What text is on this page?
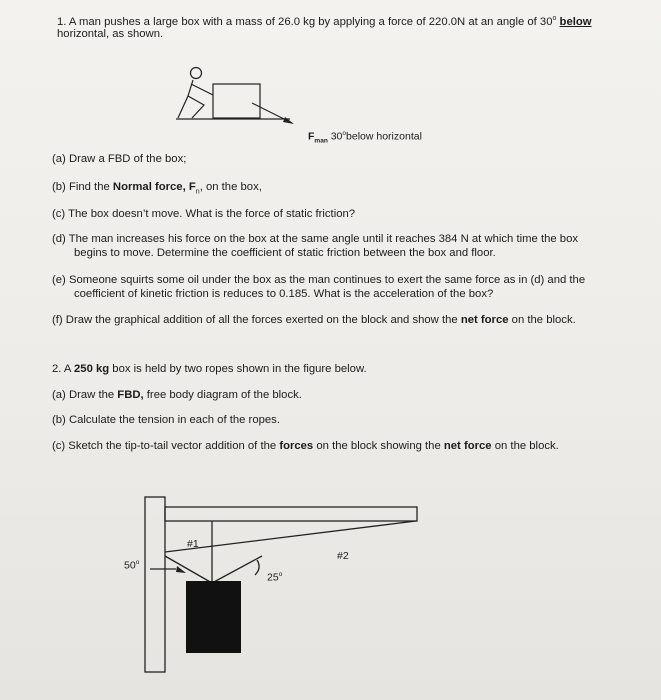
1. A man pushes a large box with a mass of 26.0 kg by applying a force of 220.0N at an angle of 30$^o$ below
horizontal, as shown.
$F_{man}$ 30$^o$below horizontal
(a) Draw a FBD of the box;
(b) Find the Normal force, $F_n$, on the box,
(c) The box doesn’t move. What is the force of static friction?
(d) The man increases his force on the box at the same angle until it reaches 384 N at which time the box
begins to move. Determine the coefficient of static friction between the box and floor.
(e) Someone squirts some oil under the box as the man continues to exert the same force as in (d) and the
coefficient of kinetic friction is reduces to 0.185. What is the acceleration of the box?
(f) Draw the graphical addition of all the forces exerted on the block and show the net force on the block.
2. A 250 kg box is held by two ropes shown in the figure below.
(a) Draw the FBD, free body diagram of the block.
(b) Calculate the tension in each of the ropes.
(c) Sketch the tip-to-tail vector addition of the forces on the block showing the net force on the block.
#1
#2
50$^o$
25$^o$
